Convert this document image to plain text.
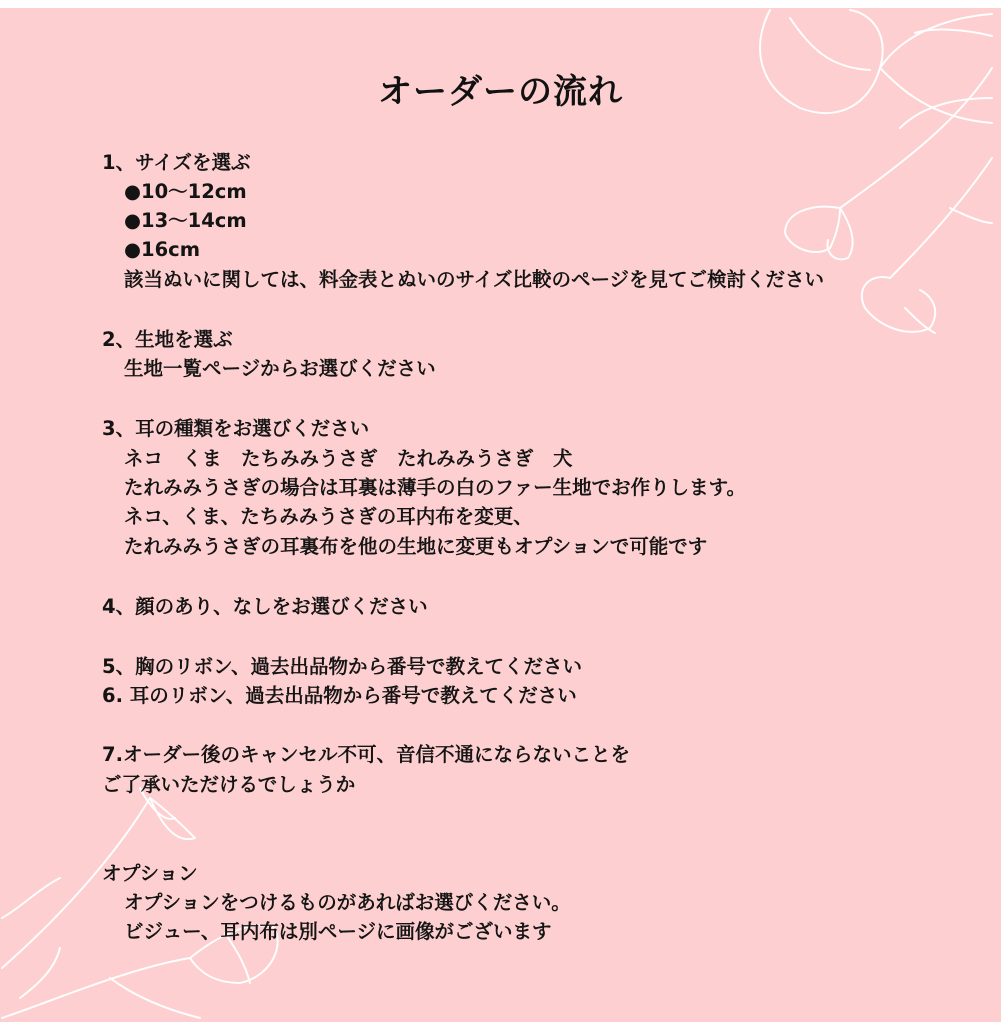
オーダーの流れ
1、サイズを選ぶ
●10〜12cm
●13〜14cm
●16cm
該当ぬいに関しては、料金表とぬいのサイズ比較のページを見てご検討ください
2、生地を選ぶ
生地一覧ページからお選びください
3、耳の種類をお選びください
ネコ　くま　たちみみうさぎ　たれみみうさぎ　犬
たれみみうさぎの場合は耳裏は薄手の白のファー生地でお作りします。
ネコ、くま、たちみみうさぎの耳内布を変更、
たれみみうさぎの耳裏布を他の生地に変更もオプションで可能です
4、顔のあり、なしをお選びください
5、胸のリボン、過去出品物から番号で教えてください
6. 耳のリボン、過去出品物から番号で教えてください
7.オーダー後のキャンセル不可、音信不通にならないことを
ご了承いただけるでしょうか
オプション
オプションをつけるものがあればお選びください。
ビジュー、耳内布は別ページに画像がございます
